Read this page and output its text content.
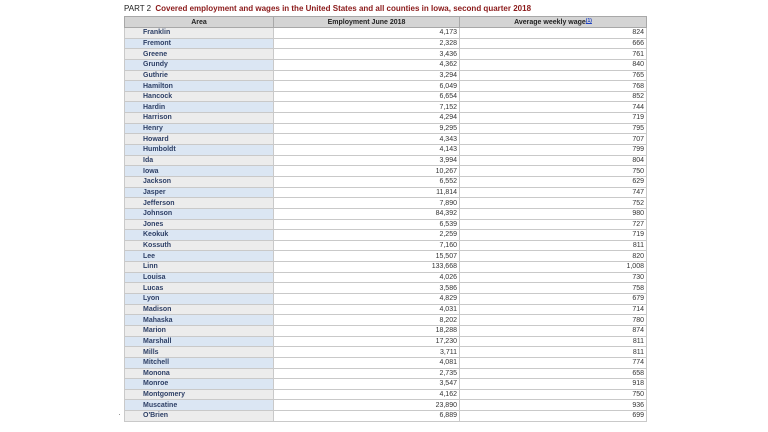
PART 2 Covered employment and wages in the United States and all counties in Iowa, second quarter 2018
Area	Employment June 2018	Average weekly wage$^{(1)}$
Franklin	4,173	824
Fremont	2,328	666
Greene	3,436	761
Grundy	4,362	840
Guthrie	3,294	765
Hamilton	6,049	768
Hancock	6,654	852
Hardin	7,152	744
Harrison	4,294	719
Henry	9,295	795
Howard	4,343	707
Humboldt	4,143	799
Ida	3,994	804
Iowa	10,267	750
Jackson	6,552	629
Jasper	11,814	747
Jefferson	7,890	752
Johnson	84,392	980
Jones	6,539	727
Keokuk	2,259	719
Kossuth	7,160	811
Lee	15,507	820
Linn	133,668	1,008
Louisa	4,026	730
Lucas	3,586	758
Lyon	4,829	679
Madison	4,031	714
Mahaska	8,202	780
Marion	18,288	874
Marshall	17,230	811
Mills	3,711	811
Mitchell	4,081	774
Monona	2,735	658
Monroe	3,547	918
Montgomery	4,162	750
Muscatine	23,890	936
O'Brien	6,889	699
